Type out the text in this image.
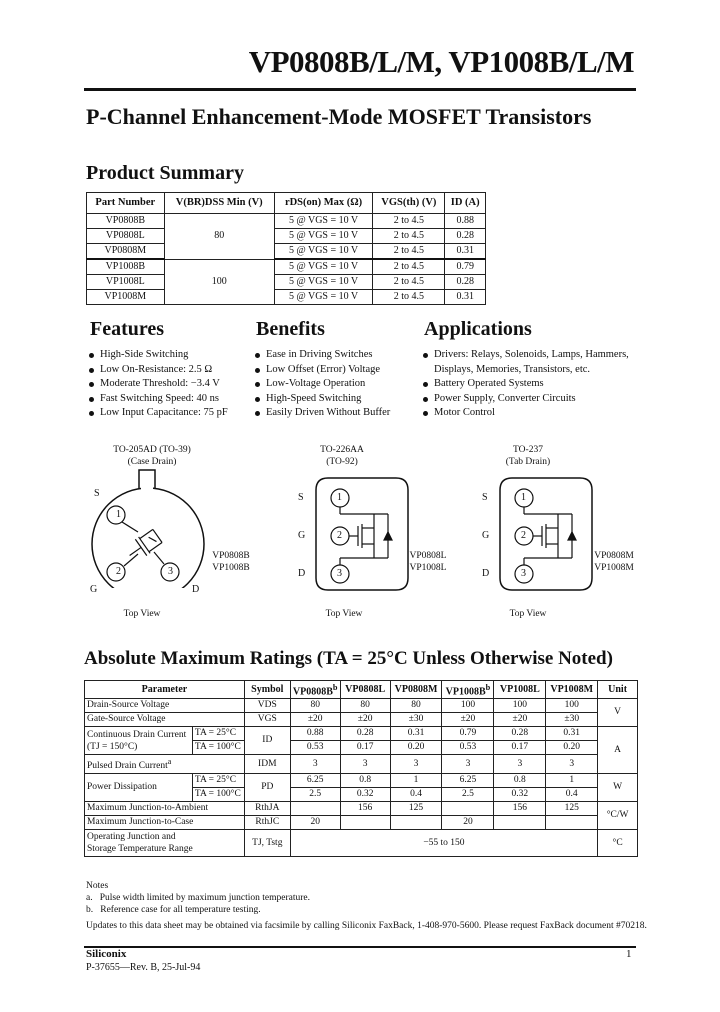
VP0808B/L/M, VP1008B/L/M
P-Channel Enhancement-Mode MOSFET Transistors
Product Summary
Part Number	V(BR)DSS Min (V)	rDS(on) Max (Ω)	VGS(th) (V)	ID (A)
VP0808B	80	5 @ VGS = 10 V	2 to 4.5	0.88
VP0808L		5 @ VGS = 10 V	2 to 4.5	0.28
VP0808M		5 @ VGS = 10 V	2 to 4.5	0.31
VP1008B	100	5 @ VGS = 10 V	2 to 4.5	0.79
VP1008L		5 @ VGS = 10 V	2 to 4.5	0.28
VP1008M		5 @ VGS = 10 V	2 to 4.5	0.31
Features
High-Side Switching
Low On-Resistance: 2.5 Ω
Moderate Threshold: −3.4 V
Fast Switching Speed: 40 ns
Low Input Capacitance: 75 pF
Benefits
Ease in Driving Switches
Low Offset (Error) Voltage
Low-Voltage Operation
High-Speed Switching
Easily Driven Without Buffer
Applications
Drivers: Relays, Solenoids, Lamps, Hammers,
Displays, Memories, Transistors, etc.
Battery Operated Systems
Power Supply, Converter Circuits
Motor Control
TO-205AD (TO-39)
(Case Drain)
1
2	3
S
G	D
VP0808B
VP1008B
Top View
TO-226AA
(TO-92)
1
2
3
S
G
D
VP0808L
VP1008L
Top View
TO-237
(Tab Drain)
1
2
3
S
G
D
VP0808M
VP1008M
Top View
Absolute Maximum Ratings (TA = 25°C Unless Otherwise Noted)
Parameter		Symbol	$VP0808B^b$	VP0808L	VP0808M	$VP1008B^b$	VP1008L	VP1008M	Unit
Drain-Source Voltage		VDS	80	80	80	100	100	100	V
Gate-Source Voltage		VGS	±20	±20	±30	±20	±20	±30	
Continuous Drain Current
(TJ = 150°C)	TA = 25°C	ID	0.88	0.28	0.31	0.79	0.28	0.31	A
	TA = 100°C		0.53	0.17	0.20	0.53	0.17	0.20	
Pulsed Drain Current$^a$		IDM	3	3	3	3	3	3	
Power Dissipation	TA = 25°C	PD	6.25	0.8	1	6.25	0.8	1	W
	TA = 100°C		2.5	0.32	0.4	2.5	0.32	0.4	
Maximum Junction-to-Ambient		RthJA		156	125		156	125	°C/W
Maximum Junction-to-Case		RthJC	20			20			
Operating Junction and
Storage Temperature Range		TJ, Tstg	−55 to 150						°C
Notes
a.   Pulse width limited by maximum junction temperature.
b.   Reference case for all temperature testing.
Updates to this data sheet may be obtained via facsimile by calling Siliconix FaxBack, 1-408-970-5600. Please request FaxBack document #70218.
Siliconix	1
P-37655—Rev. B, 25-Jul-94
